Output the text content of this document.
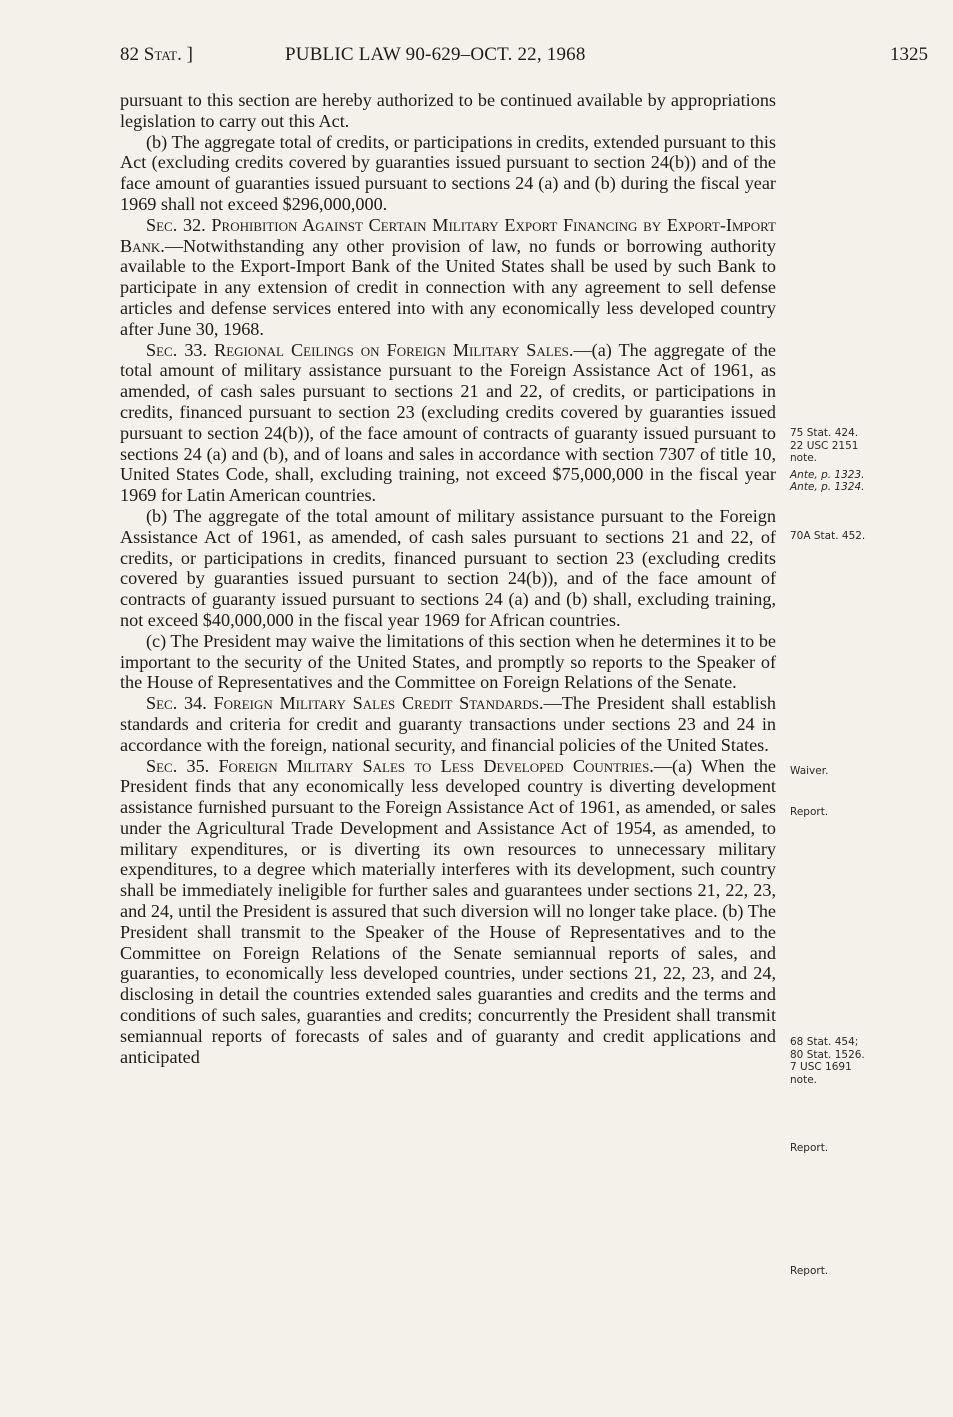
82 Stat. ]	PUBLIC LAW 90-629–OCT. 22, 1968	1325

pursuant to this section are hereby authorized to be continued available by appropriations legislation to carry out this Act.

(b) The aggregate total of credits, or participations in credits, extended pursuant to this Act (excluding credits covered by guaranties issued pursuant to section 24(b)) and of the face amount of guaranties issued pursuant to sections 24 (a) and (b) during the fiscal year 1969 shall not exceed $296,000,000.

Sec. 32. Prohibition Against Certain Military Export Financing by Export-Import Bank.—Notwithstanding any other provision of law, no funds or borrowing authority available to the Export-Import Bank of the United States shall be used by such Bank to participate in any extension of credit in connection with any agreement to sell defense articles and defense services entered into with any economically less developed country after June 30, 1968.

Sec. 33. Regional Ceilings on Foreign Military Sales.—(a) The aggregate of the total amount of military assistance pursuant to the Foreign Assistance Act of 1961, as amended, of cash sales pursuant to sections 21 and 22, of credits, or participations in credits, financed pursuant to section 23 (excluding credits covered by guaranties issued pursuant to section 24(b)), of the face amount of contracts of guaranty issued pursuant to sections 24 (a) and (b), and of loans and sales in accordance with section 7307 of title 10, United States Code, shall, excluding training, not exceed $75,000,000 in the fiscal year 1969 for Latin American countries.

(b) The aggregate of the total amount of military assistance pursuant to the Foreign Assistance Act of 1961, as amended, of cash sales pursuant to sections 21 and 22, of credits, or participations in credits, financed pursuant to section 23 (excluding credits covered by guaranties issued pursuant to section 24(b)), and of the face amount of contracts of guaranty issued pursuant to sections 24 (a) and (b) shall, excluding training, not exceed $40,000,000 in the fiscal year 1969 for African countries.

(c) The President may waive the limitations of this section when he determines it to be important to the security of the United States, and promptly so reports to the Speaker of the House of Representatives and the Committee on Foreign Relations of the Senate.

Sec. 34. Foreign Military Sales Credit Standards.—The President shall establish standards and criteria for credit and guaranty transactions under sections 23 and 24 in accordance with the foreign, national security, and financial policies of the United States.

Sec. 35. Foreign Military Sales to Less Developed Countries.—(a) When the President finds that any economically less developed country is diverting development assistance furnished pursuant to the Foreign Assistance Act of 1961, as amended, or sales under the Agricultural Trade Development and Assistance Act of 1954, as amended, to military expenditures, or is diverting its own resources to unnecessary military expenditures, to a degree which materially interferes with its development, such country shall be immediately ineligible for further sales and guarantees under sections 21, 22, 23, and 24, until the President is assured that such diversion will no longer take place. (b) The President shall transmit to the Speaker of the House of Representatives and to the Committee on Foreign Relations of the Senate semiannual reports of sales, and guaranties, to economically less developed countries, under sections 21, 22, 23, and 24, disclosing in detail the countries extended sales guaranties and credits and the terms and conditions of such sales, guaranties and credits; concurrently the President shall transmit semiannual reports of forecasts of sales and of guaranty and credit applications and anticipated

75 Stat. 424.
22 USC 2151
note.
Ante, p. 1323.
Ante, p. 1324.
70A Stat. 452.
Waiver.
Report.
68 Stat. 454;
80 Stat. 1526.
7 USC 1691
note.
Report.
Report.
